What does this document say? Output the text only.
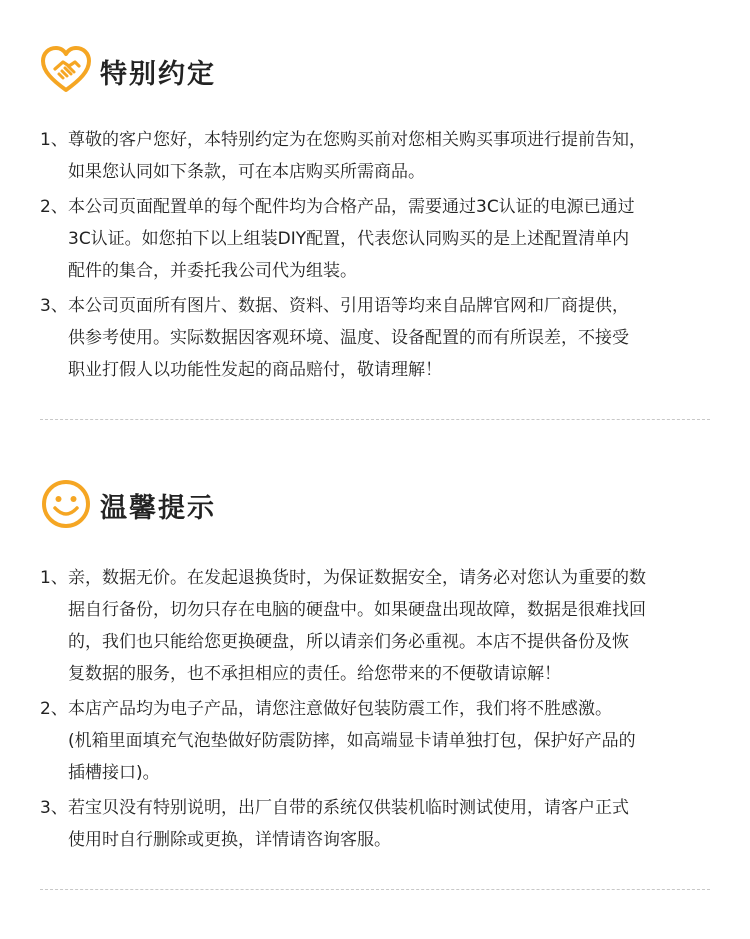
特别约定
1、 尊敬的客户您好，本特别约定为在您购买前对您相关购买事项进行提前告知，
如果您认同如下条款，可在本店购买所需商品。
2、 本公司页面配置单的每个配件均为合格产品，需要通过3C认证的电源已通过
3C认证。如您拍下以上组装DIY配置，代表您认同购买的是上述配置清单内
配件的集合，并委托我公司代为组装。
3、 本公司页面所有图片、数据、资料、引用语等均来自品牌官网和厂商提供，
供参考使用。实际数据因客观环境、温度、设备配置的而有所误差，不接受
职业打假人以功能性发起的商品赔付，敬请理解！
温馨提示
1、 亲，数据无价。在发起退换货时，为保证数据安全，请务必对您认为重要的数
据自行备份，切勿只存在电脑的硬盘中。如果硬盘出现故障，数据是很难找回
的，我们也只能给您更换硬盘，所以请亲们务必重视。本店不提供备份及恢
复数据的服务，也不承担相应的责任。给您带来的不便敬请谅解！
2、 本店产品均为电子产品，请您注意做好包装防震工作，我们将不胜感激。
(机箱里面填充气泡垫做好防震防摔，如高端显卡请单独打包，保护好产品的
插槽接口)。
3、 若宝贝没有特别说明，出厂自带的系统仅供装机临时测试使用，请客户正式
使用时自行删除或更换，详情请咨询客服。
